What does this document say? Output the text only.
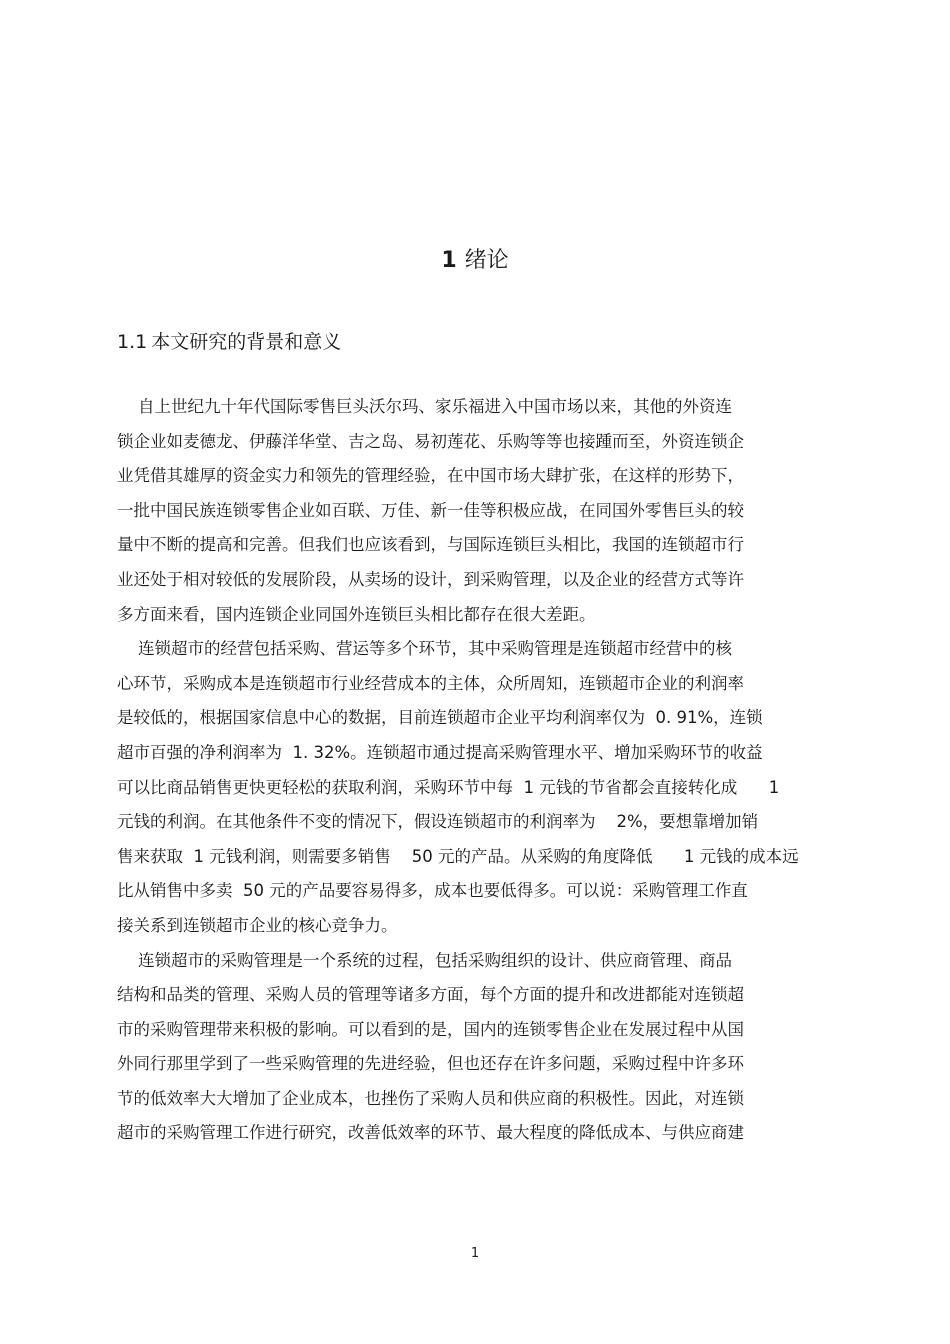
1 绪论
1.1 本文研究的背景和意义
自上世纪九十年代国际零售巨头沃尔玛、家乐福进入中国市场以来，其他的外资连
锁企业如麦德龙、伊藤洋华堂、吉之岛、易初莲花、乐购等等也接踵而至，外资连锁企
业凭借其雄厚的资金实力和领先的管理经验，在中国市场大肆扩张，在这样的形势下，
一批中国民族连锁零售企业如百联、万佳、新一佳等积极应战，在同国外零售巨头的较
量中不断的提高和完善。但我们也应该看到，与国际连锁巨头相比，我国的连锁超市行
业还处于相对较低的发展阶段，从卖场的设计，到采购管理，以及企业的经营方式等许
多方面来看，国内连锁企业同国外连锁巨头相比都存在很大差距。
连锁超市的经营包括采购、营运等多个环节，其中采购管理是连锁超市经营中的核
心环节，采购成本是连锁超市行业经营成本的主体，众所周知，连锁超市企业的利润率
是较低的，根据国家信息中心的数据，目前连锁超市企业平均利润率仅为  0. 91%，连锁
超市百强的净利润率为  1. 32%。连锁超市通过提高采购管理水平、增加采购环节的收益
可以比商品销售更快更轻松的获取利润，采购环节中每  1 元钱的节省都会直接转化成      1
元钱的利润。在其他条件不变的情况下，假设连锁超市的利润率为    2%，要想靠增加销
售来获取  1 元钱利润，则需要多销售    50 元的产品。从采购的角度降低      1 元钱的成本远
比从销售中多卖  50 元的产品要容易得多，成本也要低得多。可以说：采购管理工作直
接关系到连锁超市企业的核心竞争力。
连锁超市的采购管理是一个系统的过程，包括采购组织的设计、供应商管理、商品
结构和品类的管理、采购人员的管理等诸多方面，每个方面的提升和改进都能对连锁超
市的采购管理带来积极的影响。可以看到的是，国内的连锁零售企业在发展过程中从国
外同行那里学到了一些采购管理的先进经验，但也还存在许多问题，采购过程中许多环
节的低效率大大增加了企业成本，也挫伤了采购人员和供应商的积极性。因此，对连锁
超市的采购管理工作进行研究，改善低效率的环节、最大程度的降低成本、与供应商建
1
